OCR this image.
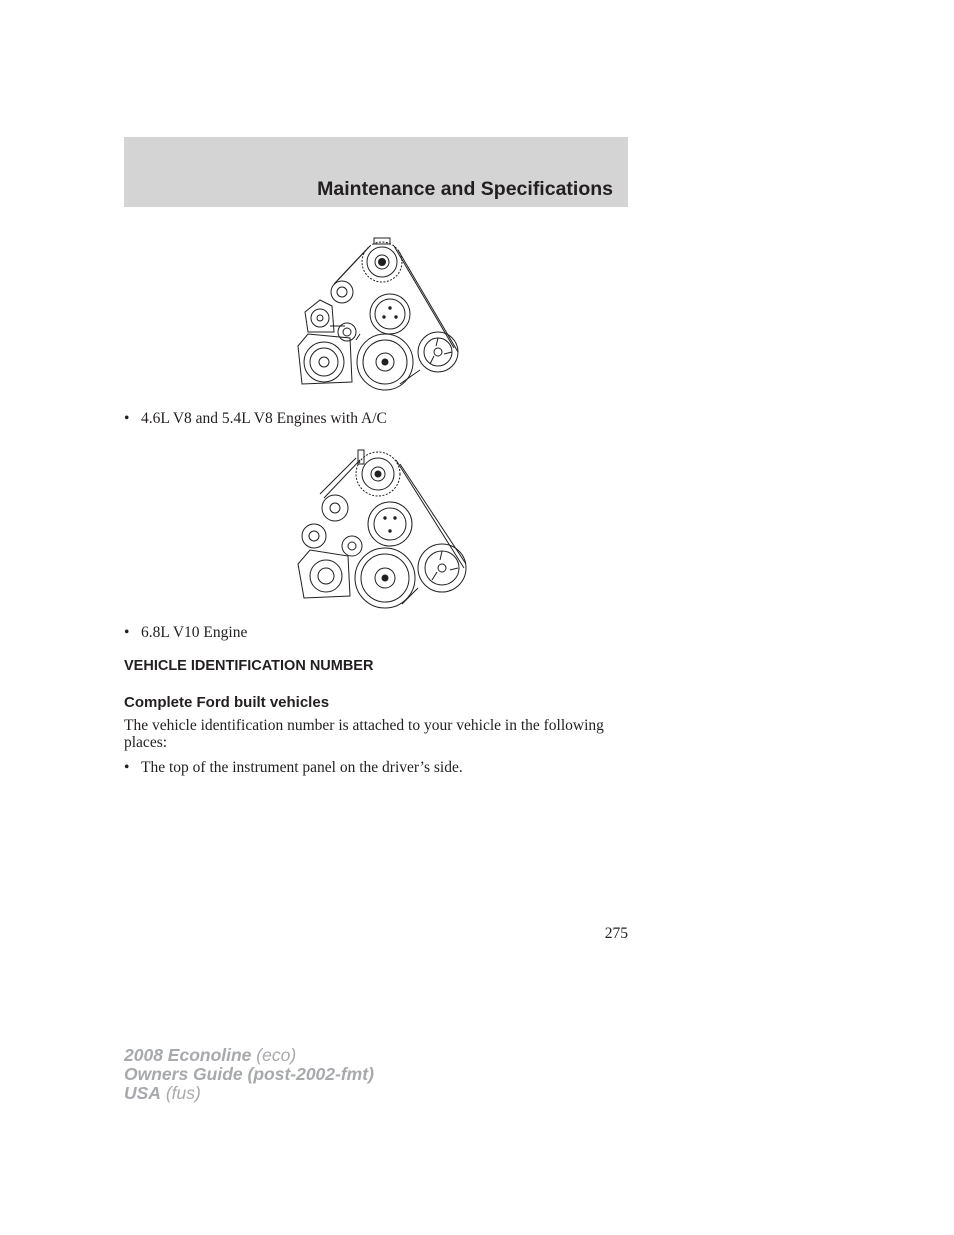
Maintenance and Specifications
• 4.6L V8 and 5.4L V8 Engines with A/C
• 6.8L V10 Engine
VEHICLE IDENTIFICATION NUMBER
Complete Ford built vehicles
The vehicle identification number is attached to your vehicle in the following places:
• The top of the instrument panel on the driver’s side.
275
2008 Econoline (eco)
Owners Guide (post-2002-fmt)
USA (fus)
